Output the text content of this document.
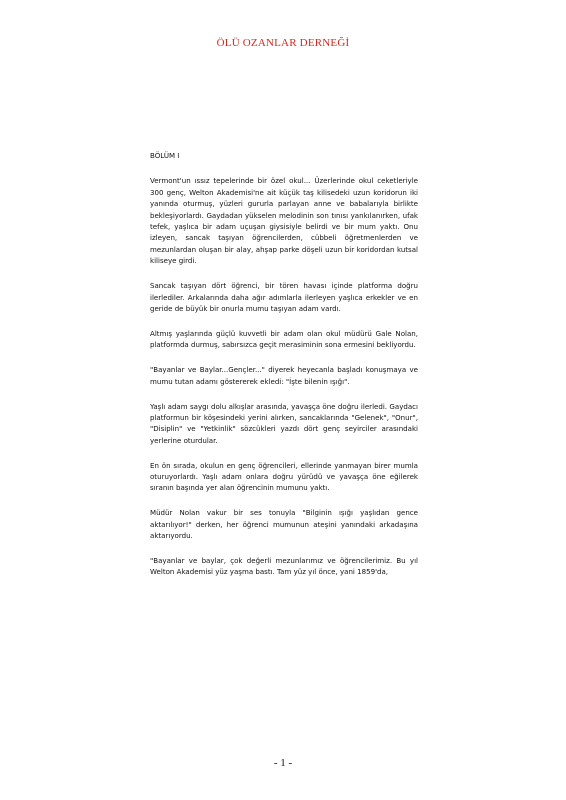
ÖLÜ OZANLAR DERNEĞİ
BÖLÜM I

Vermont'un ıssız tepelerinde bir özel okul... Üzerlerinde okul ceketleriyle 300 genç, Welton Akademisi'ne ait küçük taş kilisedeki uzun koridorun iki yanında oturmuş, yüzleri gururla parlayan anne ve babalarıyla birlikte bekleşiyorlardı. Gaydadan yükselen melodinin son tınısı yankılanırken, ufak tefek, yaşlıca bir adam uçuşan giysisiyle belirdi ve bir mum yaktı. Onu izleyen, sancak taşıyan öğrencilerden, cübbeli öğretmenlerden ve mezunlardan oluşan bir alay, ahşap parke döşeli uzun bir koridordan kutsal kiliseye girdi.

Sancak taşıyan dört öğrenci, bir tören havası içinde platforma doğru ilerlediler. Arkalarında daha ağır adımlarla ilerleyen yaşlıca erkekler ve en geride de büyük bir onurla mumu taşıyan adam vardı.

Altmış yaşlarında güçlü kuvvetli bir adam olan okul müdürü Gale Nolan, platformda durmuş, sabırsızca geçit merasiminin sona ermesini bekliyordu.

"Bayanlar ve Baylar...Gençler..." diyerek heyecanla başladı konuşmaya ve mumu tutan adamı göstererek ekledi: "İşte bilenin ışığı".

Yaşlı adam saygı dolu alkışlar arasında, yavaşça öne doğru ilerledi. Gaydacı platformun bir köşesindeki yerini alırken, sancaklarında "Gelenek", "Onur", "Disiplin" ve "Yetkinlik" sözcükleri yazdı dört genç seyirciler arasındaki yerlerine oturdular.

En ön sırada, okulun en genç öğrencileri, ellerinde yanmayan birer mumla oturuyorlardı. Yaşlı adam onlara doğru yürüdü ve yavaşça öne eğilerek sıranın başında yer alan öğrencinin mumunu yaktı.

Müdür Nolan vakur bir ses tonuyla "Bilginin ışığı yaşlıdan gence aktarılıyor!" derken, her öğrenci mumunun ateşini yanındaki arkadaşına aktarıyordu.

"Bayanlar ve baylar, çok değerli mezunlarımız ve öğrencilerimiz. Bu yıl Welton Akademisi yüz yaşma bastı. Tam yüz yıl önce, yani 1859'da,

- 1 -
